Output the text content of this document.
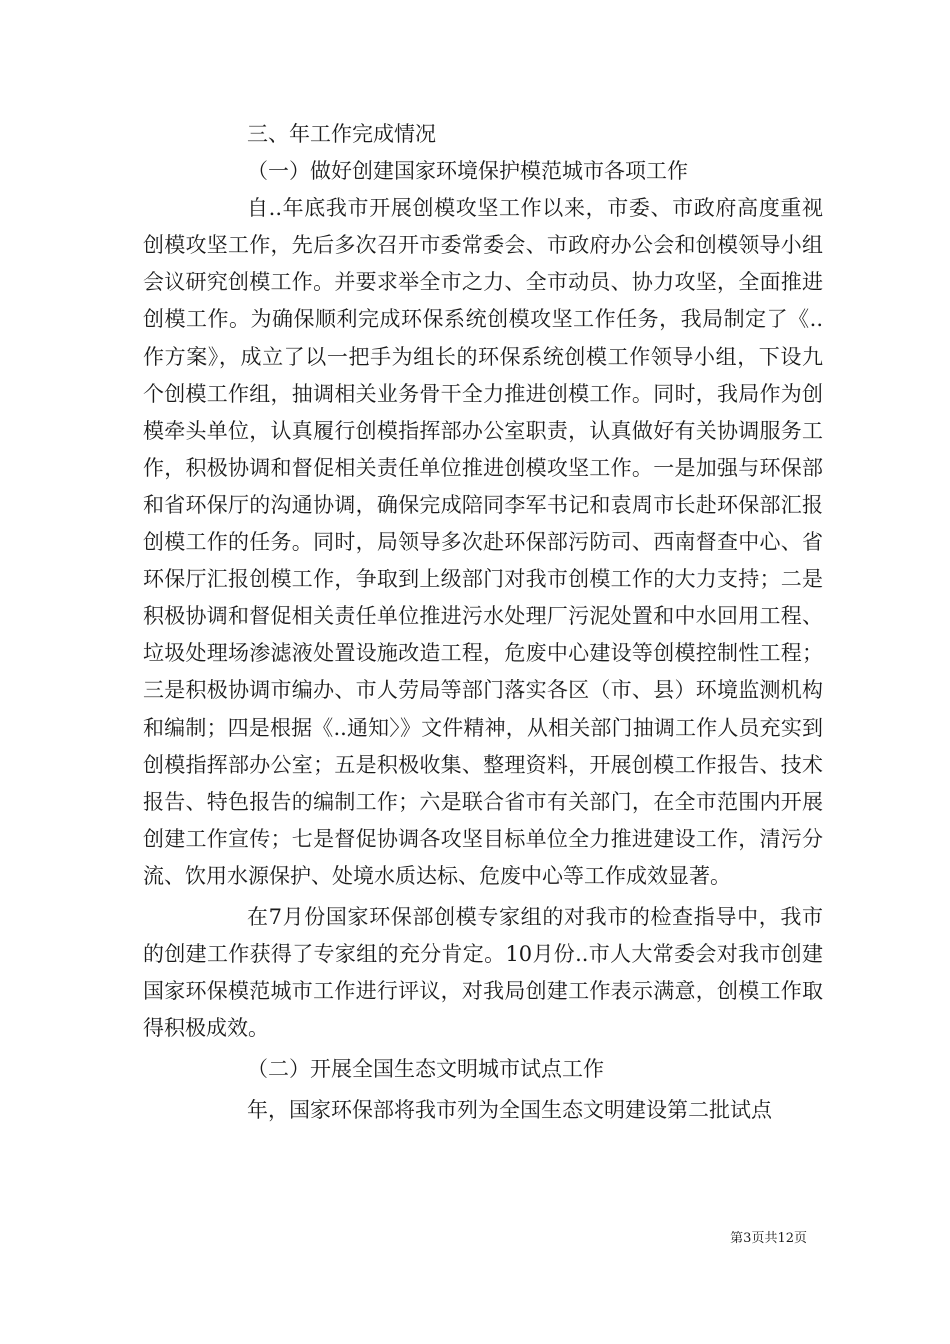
三、年工作完成情况

（一）做好创建国家环境保护模范城市各项工作

自..年底我市开展创模攻坚工作以来，市委、市政府高度重视创模攻坚工作，先后多次召开市委常委会、市政府办公会和创模领导小组会议研究创模工作。并要求举全市之力、全市动员、协力攻坚，全面推进创模工作。为确保顺利完成环保系统创模攻坚工作任务，我局制定了《..作方案》，成立了以一把手为组长的环保系统创模工作领导小组，下设九个创模工作组，抽调相关业务骨干全力推进创模工作。同时，我局作为创模牵头单位，认真履行创模指挥部办公室职责，认真做好有关协调服务工作，积极协调和督促相关责任单位推进创模攻坚工作。一是加强与环保部和省环保厅的沟通协调，确保完成陪同李军书记和袁周市长赴环保部汇报创模工作的任务。同时，局领导多次赴环保部污防司、西南督查中心、省环保厅汇报创模工作，争取到上级部门对我市创模工作的大力支持；二是积极协调和督促相关责任单位推进污水处理厂污泥处置和中水回用工程、垃圾处理场渗滤液处置设施改造工程，危废中心建设等创模控制性工程；三是积极协调市编办、市人劳局等部门落实各区（市、县）环境监测机构和编制；四是根据《..通知〉》文件精神，从相关部门抽调工作人员充实到创模指挥部办公室；五是积极收集、整理资料，开展创模工作报告、技术报告、特色报告的编制工作；六是联合省市有关部门，在全市范围内开展创建工作宣传；七是督促协调各攻坚目标单位全力推进建设工作，清污分流、饮用水源保护、处境水质达标、危废中心等工作成效显著。

在7月份国家环保部创模专家组的对我市的检查指导中，我市的创建工作获得了专家组的充分肯定。10月份..市人大常委会对我市创建国家环保模范城市工作进行评议，对我局创建工作表示满意，创模工作取得积极成效。

（二）开展全国生态文明城市试点工作

年，国家环保部将我市列为全国生态文明建设第二批试点

第3页共12页
